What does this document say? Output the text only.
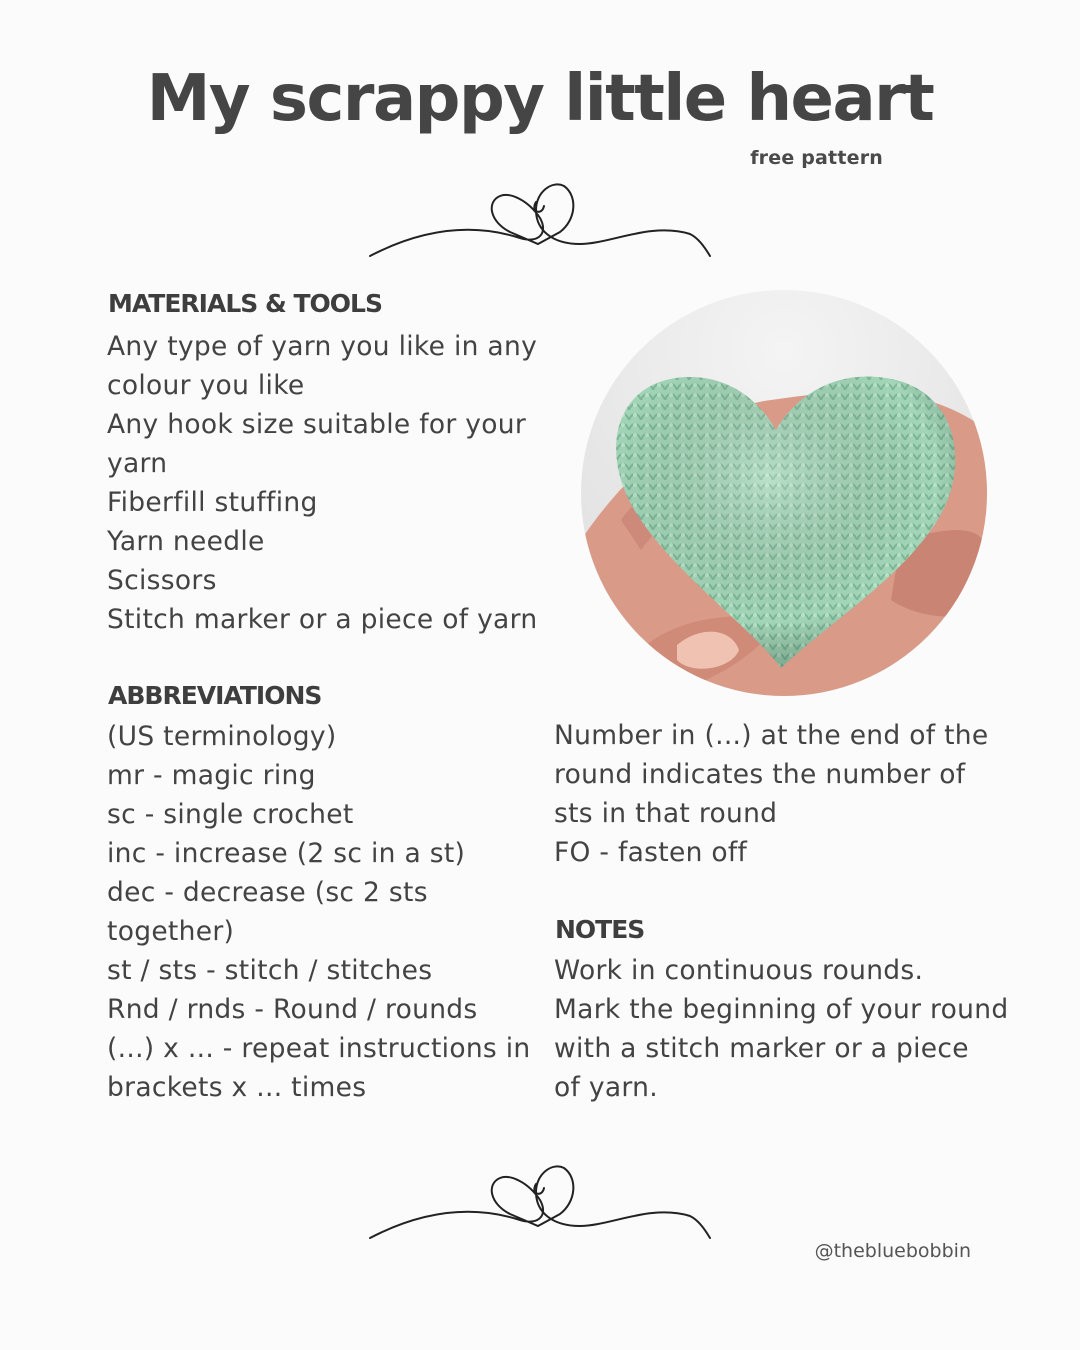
My scrappy little heart
free pattern
MATERIALS & TOOLS
Any type of yarn you like in any
colour you like
Any hook size suitable for your
yarn
Fiberfill stuffing
Yarn needle
Scissors
Stitch marker or a piece of yarn
ABBREVIATIONS
(US terminology)
mr - magic ring
sc - single crochet
inc - increase (2 sc in a st)
dec - decrease (sc 2 sts
together)
st / sts - stitch / stitches
Rnd / rnds - Round / rounds
(...) x ... - repeat instructions in
brackets x ... times
Number in (...) at the end of the
round indicates the number of
sts in that round
FO - fasten off
NOTES
Work in continuous rounds.
Mark the beginning of your round
with a stitch marker or a piece
of yarn.
@thebluebobbin
